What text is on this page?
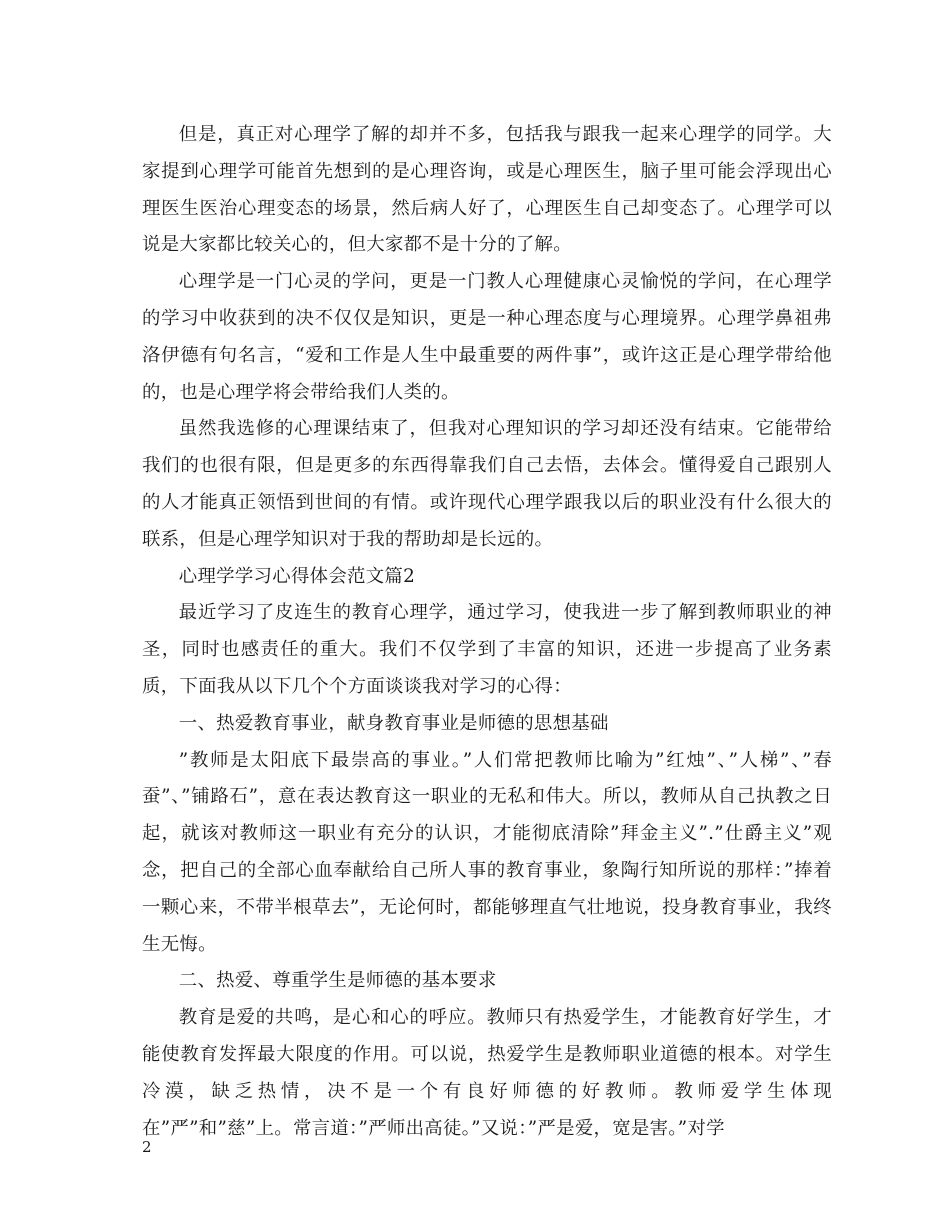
但是，真正对心理学了解的却并不多，包括我与跟我一起来心理学的同学。大家提到心理学可能首先想到的是心理咨询，或是心理医生，脑子里可能会浮现出心理医生医治心理变态的场景，然后病人好了，心理医生自己却变态了。心理学可以说是大家都比较关心的，但大家都不是十分的了解。

心理学是一门心灵的学问，更是一门教人心理健康心灵愉悦的学问，在心理学的学习中收获到的决不仅仅是知识，更是一种心理态度与心理境界。心理学鼻祖弗洛伊德有句名言，“爱和工作是人生中最重要的两件事”，或许这正是心理学带给他的，也是心理学将会带给我们人类的。

虽然我选修的心理课结束了，但我对心理知识的学习却还没有结束。它能带给我们的也很有限，但是更多的东西得靠我们自己去悟，去体会。懂得爱自己跟别人的人才能真正领悟到世间的有情。或许现代心理学跟我以后的职业没有什么很大的联系，但是心理学知识对于我的帮助却是长远的。

心理学学习心得体会范文篇2

最近学习了皮连生的教育心理学，通过学习，使我进一步了解到教师职业的神圣，同时也感责任的重大。我们不仅学到了丰富的知识，还进一步提高了业务素质，下面我从以下几个个方面谈谈我对学习的心得：

一、热爱教育事业，献身教育事业是师德的思想基础

”教师是太阳底下最崇高的事业。”人们常把教师比喻为”红烛”、”人梯”、”春蚕”、”铺路石”，意在表达教育这一职业的无私和伟大。所以，教师从自己执教之日起，就该对教师这一职业有充分的认识，才能彻底清除”拜金主义”.”仕爵主义”观念，把自己的全部心血奉献给自己所人事的教育事业，象陶行知所说的那样：”捧着一颗心来，不带半根草去”，无论何时，都能够理直气壮地说，投身教育事业，我终生无悔。

二、热爱、尊重学生是师德的基本要求

教育是爱的共鸣，是心和心的呼应。教师只有热爱学生，才能教育好学生，才能使教育发挥最大限度的作用。可以说，热爱学生是教师职业道德的根本。对学生冷漠，缺乏热情，决不是一个有良好师德的好教师。教师爱学生体现在”严”和”慈”上。常言道：”严师出高徒。”又说：”严是爱，宽是害。”对学

2
